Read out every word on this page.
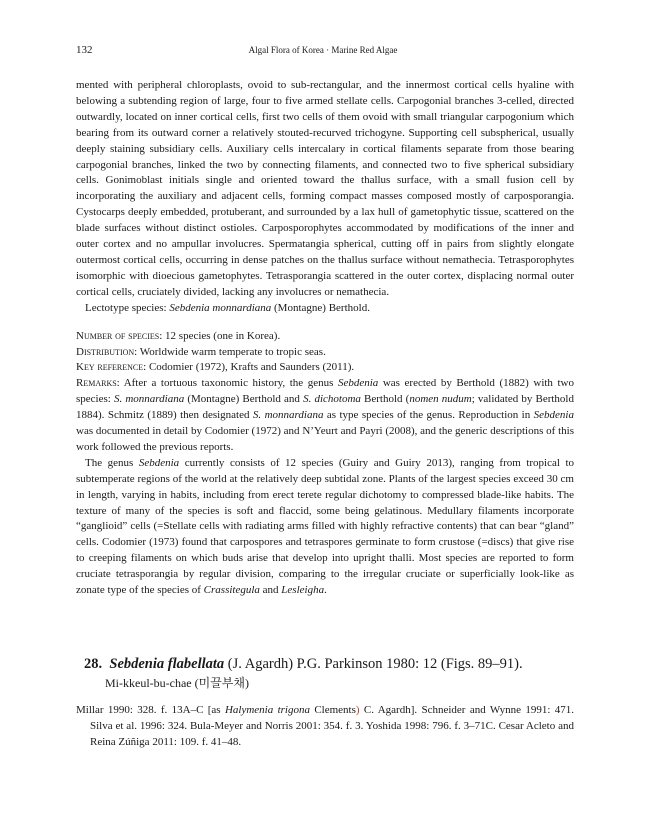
132	Algal Flora of Korea · Marine Red Algae

mented with peripheral chloroplasts, ovoid to sub-rectangular, and the innermost cortical cells hyaline with belowing a subtending region of large, four to five armed stellate cells. Carpogonial branches 3-celled, directed outwardly, located on inner cortical cells, first two cells of them ovoid with small triangular carpogonium which bearing from its outward corner a relatively stouted-recurved trichogyne. Supporting cell subspherical, usually deeply staining subsidiary cells. Auxiliary cells intercalary in cortical filaments separate from those bearing carpogonial branches, linked the two by connecting filaments, and connected two to five spherical subsidiary cells. Gonimoblast initials single and oriented toward the thallus surface, with a small fusion cell by incorporating the auxiliary and adjacent cells, forming compact masses composed mostly of carposporangia. Cystocarps deeply embedded, protuberant, and surrounded by a lax hull of gametophytic tissue, scattered on the blade surfaces without distinct ostioles. Carposporophytes accommodated by modifications of the inner and outer cortex and no ampullar involucres. Spermatangia spherical, cutting off in pairs from slightly elongate outermost cortical cells, occurring in dense patches on the thallus surface without nemathecia. Tetrasporophytes isomorphic with dioecious gametophytes. Tetrasporangia scattered in the outer cortex, displacing normal outer cortical cells, cruciately divided, lacking any involucres or nemathecia.

Lectotype species: Sebdenia monnardiana (Montagne) Berthold.

Number of species: 12 species (one in Korea).

Distribution: Worldwide warm temperate to tropic seas.

Key reference: Codomier (1972), Krafts and Saunders (2011).

Remarks: After a tortuous taxonomic history, the genus Sebdenia was erected by Berthold (1882) with two species: S. monnardiana (Montagne) Berthold and S. dichotoma Berthold (nomen nudum; validated by Berthold 1884). Schmitz (1889) then designated S. monnardiana as type species of the genus. Reproduction in Sebdenia was documented in detail by Codomier (1972) and N’Yeurt and Payri (2008), and the generic descriptions of this work followed the previous reports.

The genus Sebdenia currently consists of 12 species (Guiry and Guiry 2013), ranging from tropical to subtemperate regions of the world at the relatively deep subtidal zone. Plants of the largest species exceed 30 cm in length, varying in habits, including from erect terete regular dichotomy to compressed blade-like habits. The texture of many of the species is soft and flaccid, some being gelatinous. Medullary filaments incorporate “ganglioid” cells (=Stellate cells with radiating arms filled with highly refractive contents) that can bear “gland” cells. Codomier (1973) found that carpospores and tetraspores germinate to form crustose (=discs) that give rise to creeping filaments on which buds arise that develop into upright thalli. Most species are reported to form cruciate tetrasporangia by regular division, comparing to the irregular cruciate or superficially look-like as zonate type of the species of Crassitegula and Lesleigha.

28. Sebdenia flabellata (J. Agardh) P.G. Parkinson 1980: 12 (Figs. 89–91).
Mi-kkeul-bu-chae (미끌부채)

Millar 1990: 328. f. 13A–C [as Halymenia trigona Clements) C. Agardh]. Schneider and Wynne 1991: 471. Silva et al. 1996: 324. Bula-Meyer and Norris 2001: 354. f. 3. Yoshida 1998: 796. f. 3–71C. Cesar Acleto and Reina Zúñiga 2011: 109. f. 41–48.
